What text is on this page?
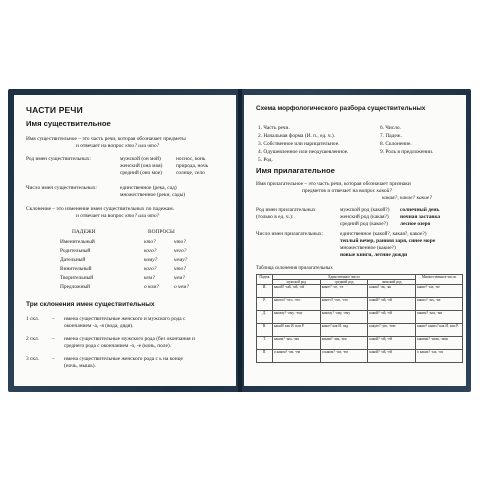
ЧАСТИ РЕЧИ
Имя существительное
Имя существительное – это часть речи, которая обозначает предметы
и отвечает на вопрос кто? или что?
Род имен существительных:	мужской (он мой)	носнос, конь
женский (она моя)	природа, ночь
средний (оно мое)	солнце, село
Число имен существительных:	единственное (река, сад)
множественное (реки, сады)
Склонение – это изменение имен существительных по падежам.
и отвечает на вопрос кто? или что?
ПАДЕЖИ	ВОПРОСЫ
Именительный	кто?	что?
Родительный	кого?	чего?
Дательный	кому?	чему?
Винительный	кого?	что?
Творительный	кем?	чем?
Предложный	о ком?	о чем?
Три склонения имен существительных
1 скл. – имена существительные женского и мужского рода с
окончанием -а, -я (вода, дядя).
2 скл. – имена существительные мужского рода (без окончания и
среднего рода с окончанием -о, -е (конь, поле).
3 скл. – имена существительные женского рода с ь на конце
(ночь, мышь).
Схема морфологического разбора существительных
1. Часть речи.
2. Начальная форма (И. п., ед. ч.).
3. Собственное или нарицательное.
4. Одушевленное или неодушевленное.
5. Род.
6. Число.
7. Падеж.
8. Склонение.
9. Роль в предложении.
Имя прилагательное
Имя прилагательное – это часть речи, которая обозначает признаки
предметов и отвечает на вопрос какой?
какая?, какое? какие?
Род имен прилагательных
(только в ед. ч.):
мужской род (какой?) солнечный день
женский род (какая?) ночная заставка
средний род (какое?) лесное озеро
Число имен прилагательных:	единственное (какой?, какая?, какое?)
теплый вечер, ранняя заря, синее море
множественное (какие?)
новые книги, летние дожди
Таблица склонения прилагательных
Падеж	Единственное число			Множественное число
	мужской род	средний род	женский род	
И.	какой? -ый, -ий, -ой	какое? -ое, -ее	какая? -ая, -яя	какие? -ые, -ие
Р.	какого? -ого, -его	какого? -ого, -его	какой? -ой, -ей	каких? -ых, -их
Д.	какому? -ому, -ему	какому? -ому, -ему	какой? -ой, -ей	каким? -ым, -им
В.	какой? как И. или Р.	какое? как И. пад.	какую? -ую, -юю	какие? каких? как И. или Р.
Т.	каким? -ым, -им	каким? -ым, -им	какой? -ой, -ей	какими? -ыми, -ими
П.	о каком? -ом, -ем	о каком? -ом, -ем	какой? -ой, -ей	о каких? -ых, -их
